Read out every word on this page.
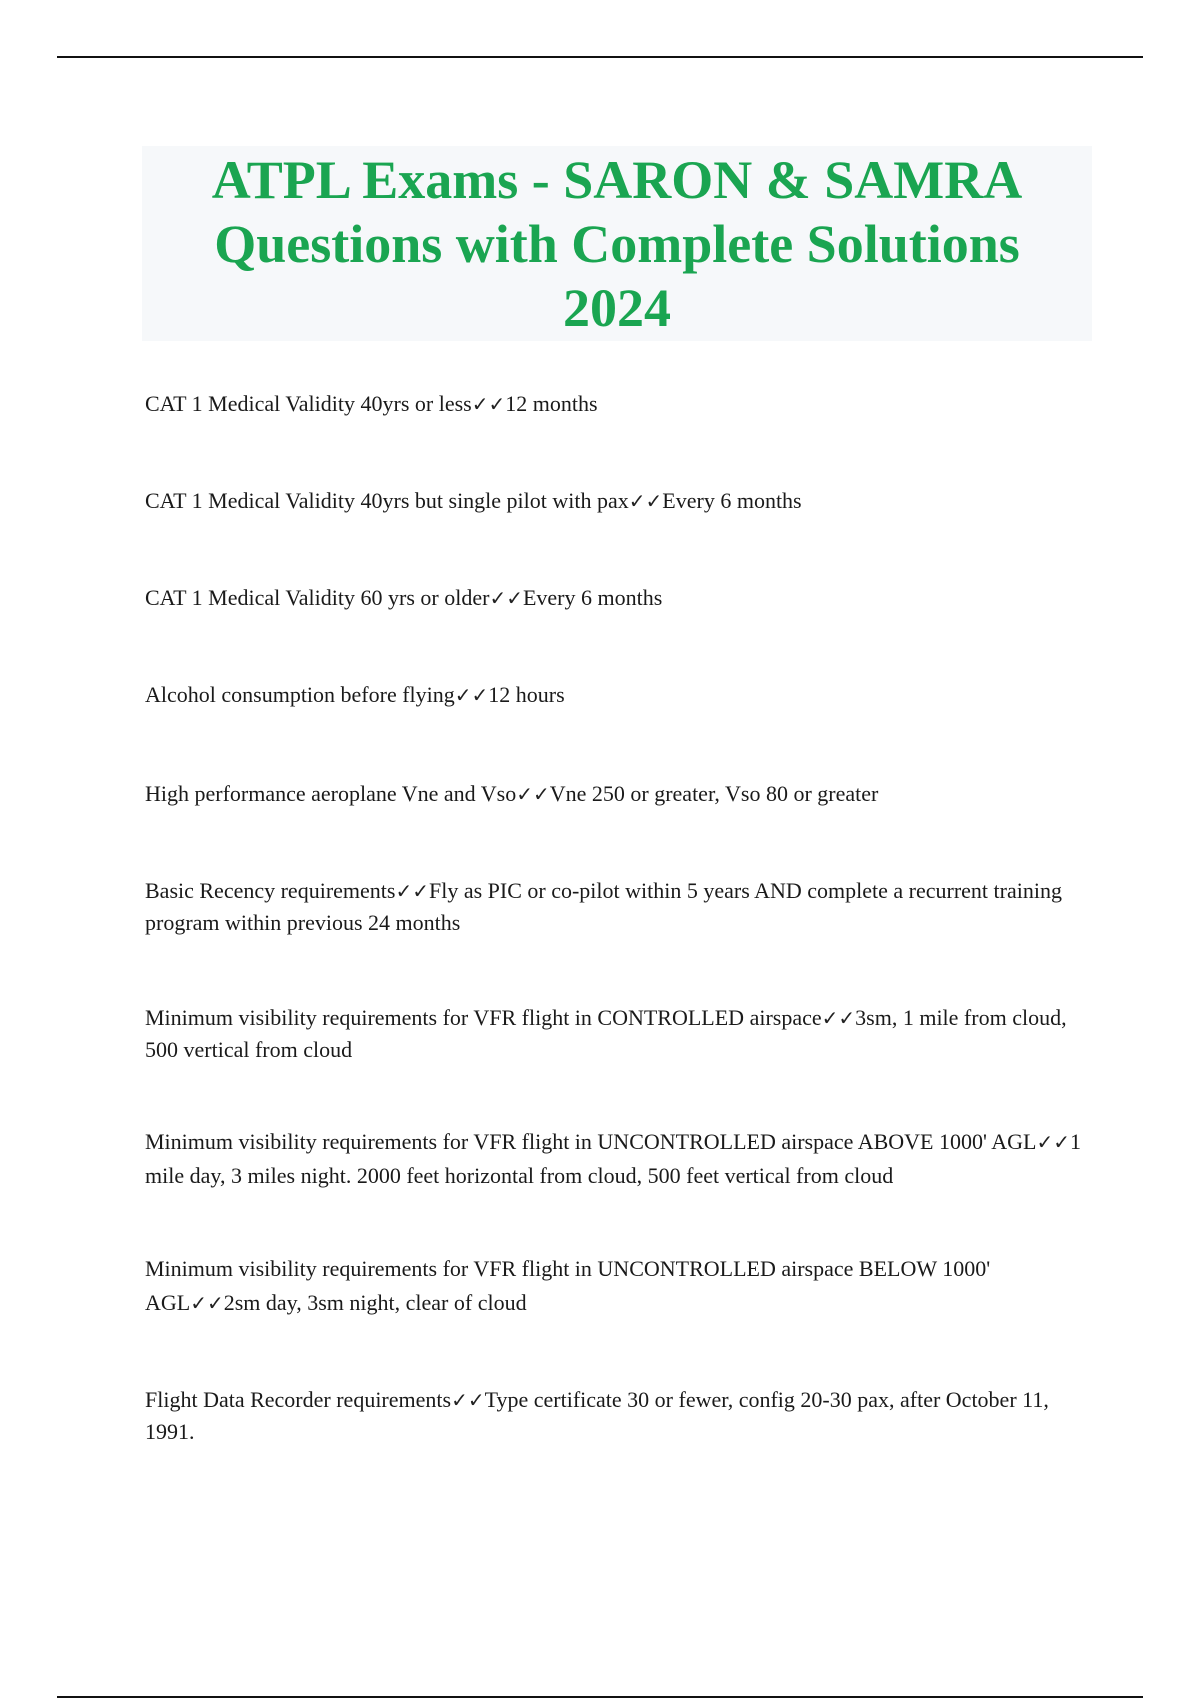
ATPL Exams - SARON & SAMRA
Questions with Complete Solutions
2024
CAT 1 Medical Validity 40yrs or less✓✓12 months
CAT 1 Medical Validity 40yrs but single pilot with pax✓✓Every 6 months
CAT 1 Medical Validity 60 yrs or older✓✓Every 6 months
Alcohol consumption before flying✓✓12 hours
High performance aeroplane Vne and Vso✓✓Vne 250 or greater, Vso 80 or greater
Basic Recency requirements✓✓Fly as PIC or co-pilot within 5 years AND complete a recurrent training program within previous 24 months
Minimum visibility requirements for VFR flight in CONTROLLED airspace✓✓3sm, 1 mile from cloud, 500 vertical from cloud
Minimum visibility requirements for VFR flight in UNCONTROLLED airspace ABOVE 1000' AGL✓✓1 mile day, 3 miles night. 2000 feet horizontal from cloud, 500 feet vertical from cloud
Minimum visibility requirements for VFR flight in UNCONTROLLED airspace BELOW 1000' AGL✓✓2sm day, 3sm night, clear of cloud
Flight Data Recorder requirements✓✓Type certificate 30 or fewer, config 20-30 pax, after October 11, 1991.
